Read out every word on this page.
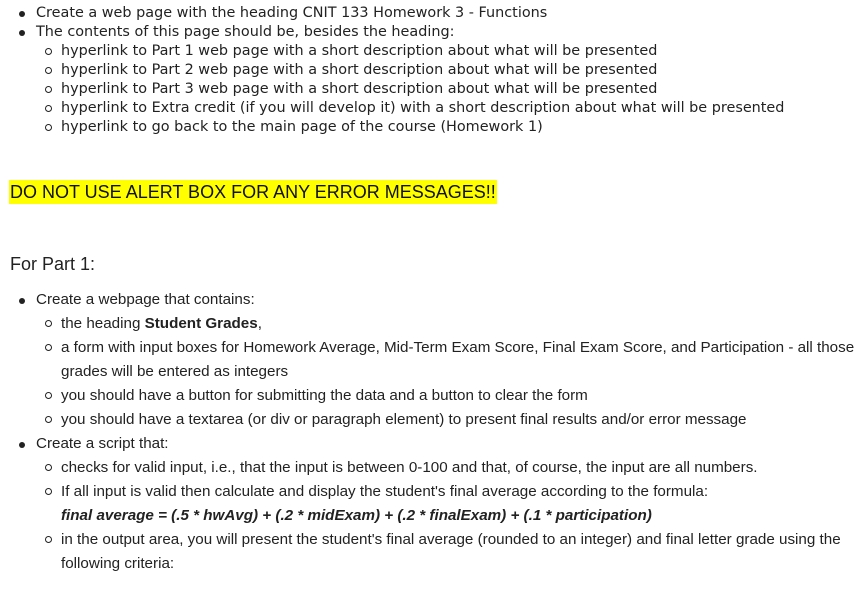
Create a web page with the heading CNIT 133 Homework 3 - Functions
The contents of this page should be, besides the heading:
hyperlink to Part 1 web page with a short description about what will be presented
hyperlink to Part 2 web page with a short description about what will be presented
hyperlink to Part 3 web page with a short description about what will be presented
hyperlink to Extra credit (if you will develop it) with a short description about what will be presented
hyperlink to go back to the main page of the course (Homework 1)
DO NOT USE ALERT BOX FOR ANY ERROR MESSAGES!!
For Part 1:
Create a webpage that contains:
the heading Student Grades,
a form with input boxes for Homework Average, Mid-Term Exam Score, Final Exam Score, and Participation - all those grades will be entered as integers
you should have a button for submitting the data and a button to clear the form
you should have a textarea (or div or paragraph element) to present final results and/or error message
Create a script that:
checks for valid input, i.e., that the input is between 0-100 and that, of course, the input are all numbers.
If all input is valid then calculate and display the student's final average according to the formula:
final average = (.5 * hwAvg) + (.2 * midExam) + (.2 * finalExam) + (.1 * participation)
in the output area, you will present the student's final average (rounded to an integer) and final letter grade using the following criteria:
